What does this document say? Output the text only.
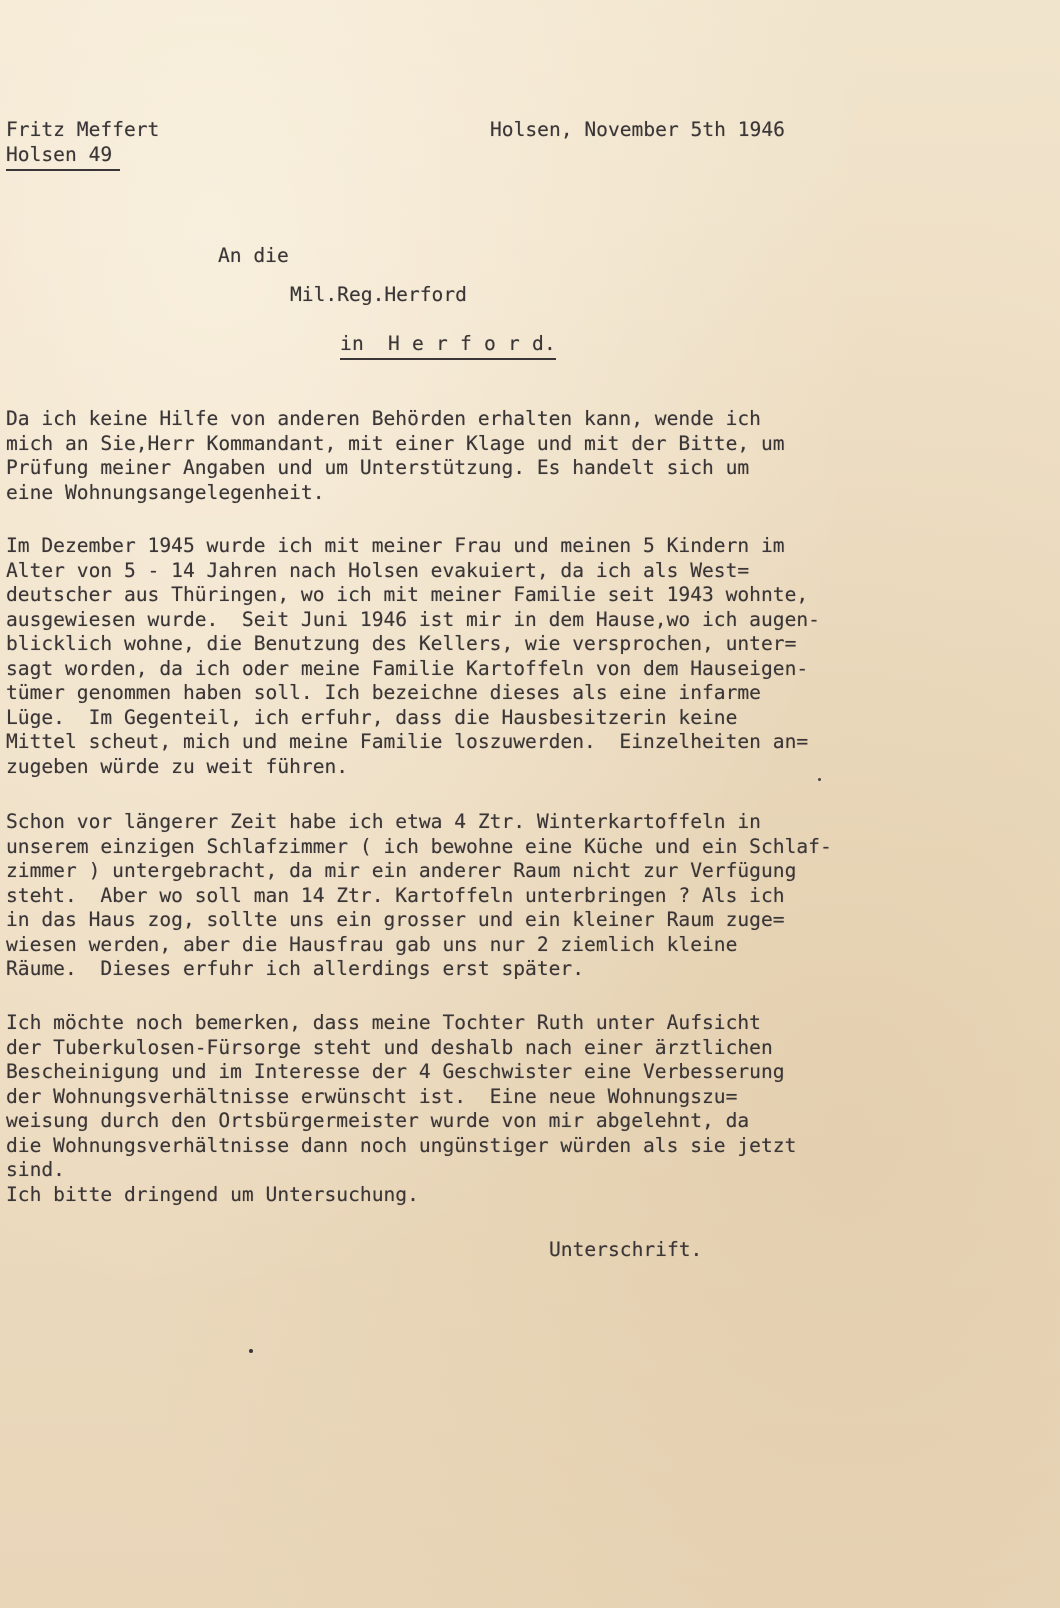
Fritz Meffert
Holsen 49
Holsen, November 5th 1946
An die
Mil.Reg.Herford
in  H e r f o r d.
Da ich keine Hilfe von anderen Behörden erhalten kann, wende ich
mich an Sie,Herr Kommandant, mit einer Klage und mit der Bitte, um
Prüfung meiner Angaben und um Unterstützung. Es handelt sich um
eine Wohnungsangelegenheit.
Im Dezember 1945 wurde ich mit meiner Frau und meinen 5 Kindern im
Alter von 5 - 14 Jahren nach Holsen evakuiert, da ich als West=
deutscher aus Thüringen, wo ich mit meiner Familie seit 1943 wohnte,
ausgewiesen wurde.  Seit Juni 1946 ist mir in dem Hause,wo ich augen-
blicklich wohne, die Benutzung des Kellers, wie versprochen, unter=
sagt worden, da ich oder meine Familie Kartoffeln von dem Hauseigen-
tümer genommen haben soll. Ich bezeichne dieses als eine infarme
Lüge.  Im Gegenteil, ich erfuhr, dass die Hausbesitzerin keine
Mittel scheut, mich und meine Familie loszuwerden.  Einzelheiten an=
zugeben würde zu weit führen.
Schon vor längerer Zeit habe ich etwa 4 Ztr. Winterkartoffeln in
unserem einzigen Schlafzimmer ( ich bewohne eine Küche und ein Schlaf-
zimmer ) untergebracht, da mir ein anderer Raum nicht zur Verfügung
steht.  Aber wo soll man 14 Ztr. Kartoffeln unterbringen ? Als ich
in das Haus zog, sollte uns ein grosser und ein kleiner Raum zuge=
wiesen werden, aber die Hausfrau gab uns nur 2 ziemlich kleine
Räume.  Dieses erfuhr ich allerdings erst später.
Ich möchte noch bemerken, dass meine Tochter Ruth unter Aufsicht
der Tuberkulosen-Fürsorge steht und deshalb nach einer ärztlichen
Bescheinigung und im Interesse der 4 Geschwister eine Verbesserung
der Wohnungsverhältnisse erwünscht ist.  Eine neue Wohnungszu=
weisung durch den Ortsbürgermeister wurde von mir abgelehnt, da
die Wohnungsverhältnisse dann noch ungünstiger würden als sie jetzt
sind.
Ich bitte dringend um Untersuchung.
Unterschrift.
